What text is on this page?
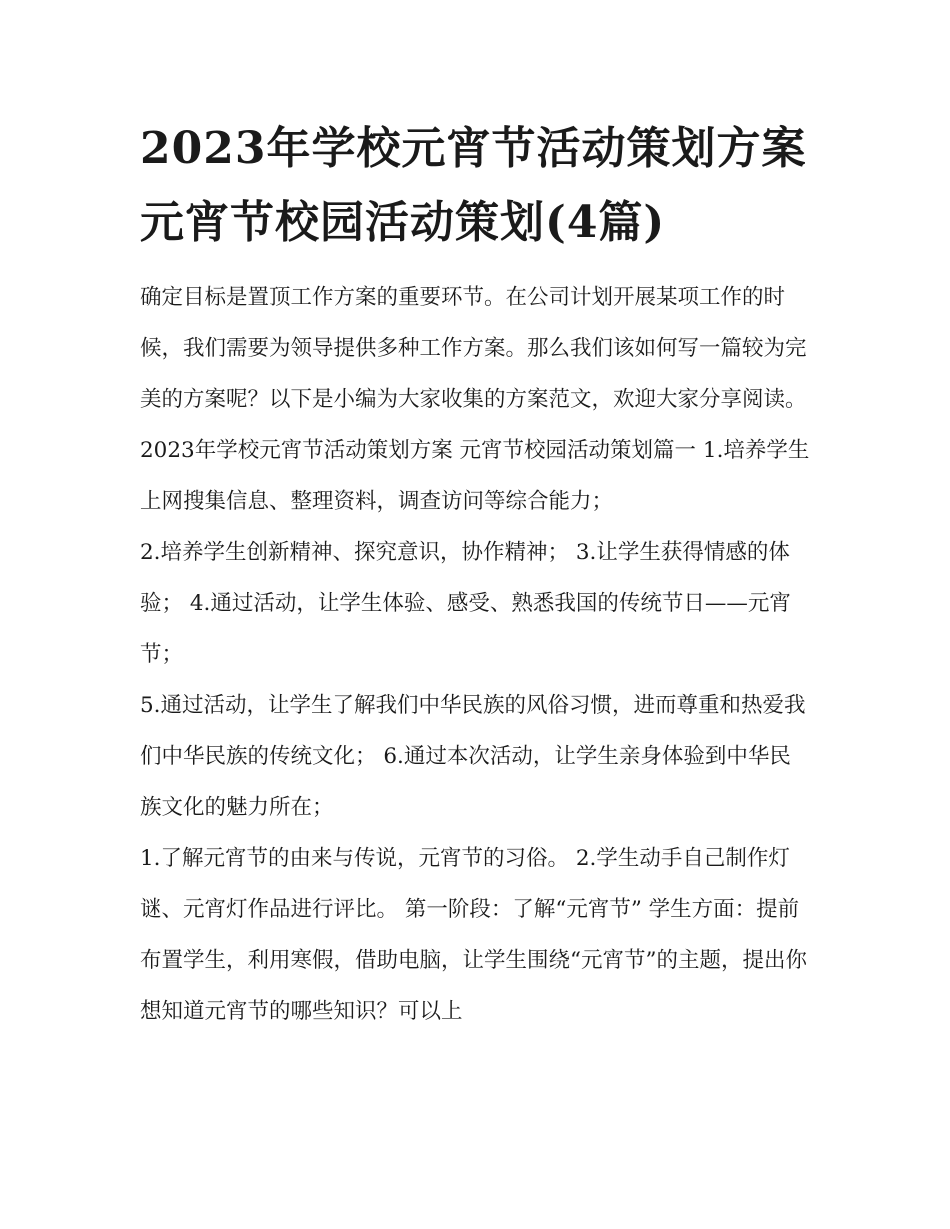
2023年学校元宵节活动策划方案 元宵节校园活动策划(4篇)

确定目标是置顶工作方案的重要环节。在公司计划开展某项工作的时候，我们需要为领导提供多种工作方案。那么我们该如何写一篇较为完美的方案呢？以下是小编为大家收集的方案范文，欢迎大家分享阅读。

2023年学校元宵节活动策划方案 元宵节校园活动策划篇一 1.培养学生上网搜集信息、整理资料，调查访问等综合能力；

2.培养学生创新精神、探究意识，协作精神； 3.让学生获得情感的体验； 4.通过活动，让学生体验、感受、熟悉我国的传统节日——元宵节；

5.通过活动，让学生了解我们中华民族的风俗习惯，进而尊重和热爱我们中华民族的传统文化； 6.通过本次活动，让学生亲身体验到中华民族文化的魅力所在；

1.了解元宵节的由来与传说，元宵节的习俗。 2.学生动手自己制作灯谜、元宵灯作品进行评比。 第一阶段：了解“元宵节” 学生方面：提前布置学生，利用寒假，借助电脑，让学生围绕“元宵节”的主题，提出你想知道元宵节的哪些知识？可以上
